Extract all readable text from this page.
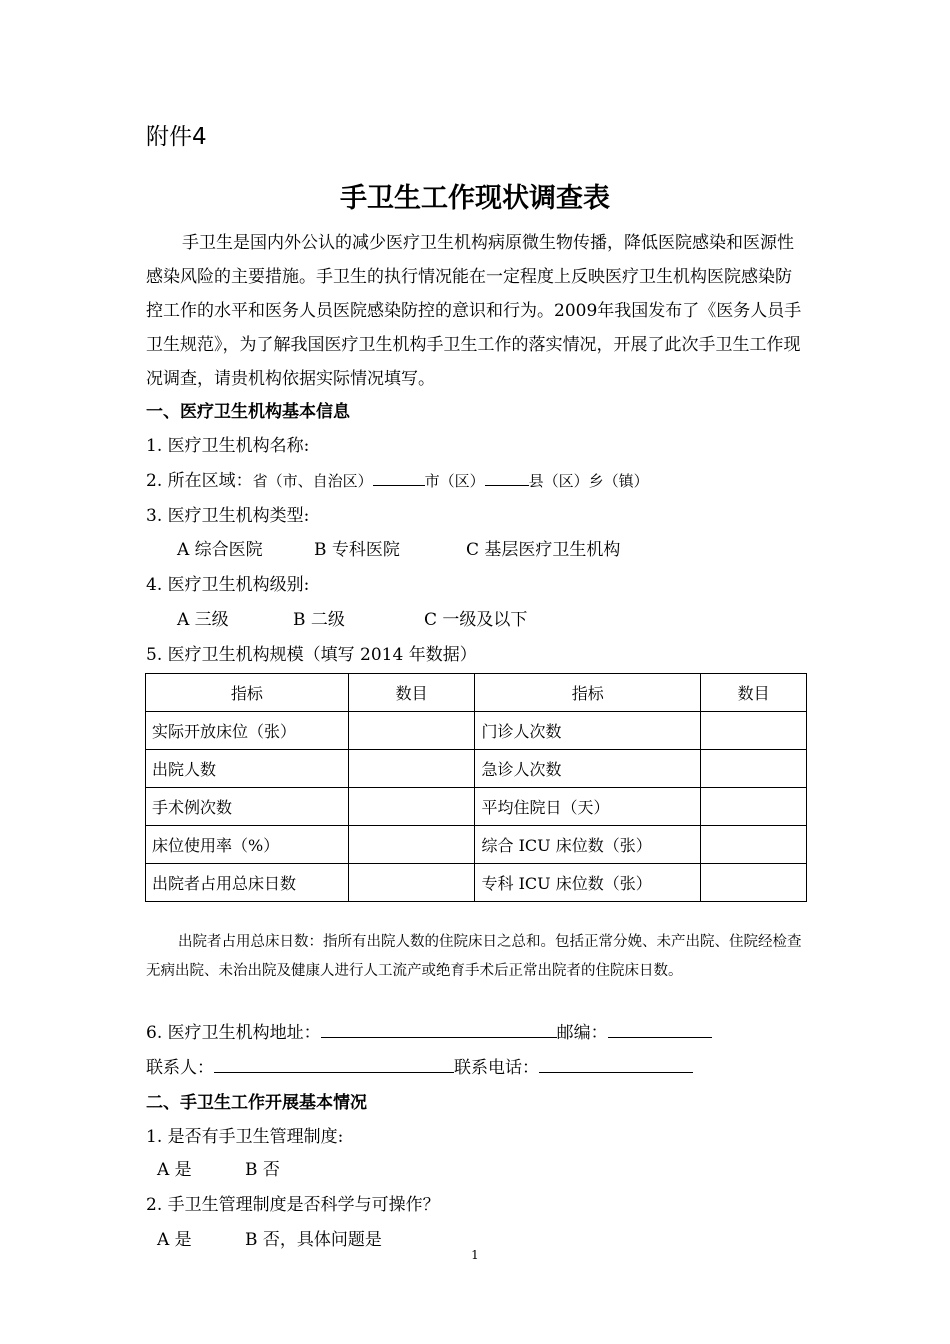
附件4
手卫生工作现状调查表

手卫生是国内外公认的减少医疗卫生机构病原微生物传播，降低医院感染和医源性感染风险的主要措施。手卫生的执行情况能在一定程度上反映医疗卫生机构医院感染防控工作的水平和医务人员医院感染防控的意识和行为。2009年我国发布了《医务人员手卫生规范》，为了解我国医疗卫生机构手卫生工作的落实情况，开展了此次手卫生工作现况调查，请贵机构依据实际情况填写。

一、医疗卫生机构基本信息
1. 医疗卫生机构名称:
2. 所在区域：省（市、自治区）	市（区）	县（区）乡（镇）
3. 医疗卫生机构类型:
A 综合医院	B 专科医院	C 基层医疗卫生机构
4. 医疗卫生机构级别:
A 三级	B 二级	C 一级及以下
5. 医疗卫生机构规模（填写 2014 年数据）
指标	数目	指标	数目
实际开放床位（张）		门诊人次数	
出院人数		急诊人次数	
手术例次数		平均住院日（天）	
床位使用率（%）		综合 ICU 床位数（张）	
出院者占用总床日数		专科 ICU 床位数（张）	

出院者占用总床日数：指所有出院人数的住院床日之总和。包括正常分娩、未产出院、住院经检查无病出院、未治出院及健康人进行人工流产或绝育手术后正常出院者的住院床日数。

6. 医疗卫生机构地址：	邮编：
联系人：	联系电话：
二、手卫生工作开展基本情况
1. 是否有手卫生管理制度:
A 是	B 否
2. 手卫生管理制度是否科学与可操作？
A 是	B 否，具体问题是
1
